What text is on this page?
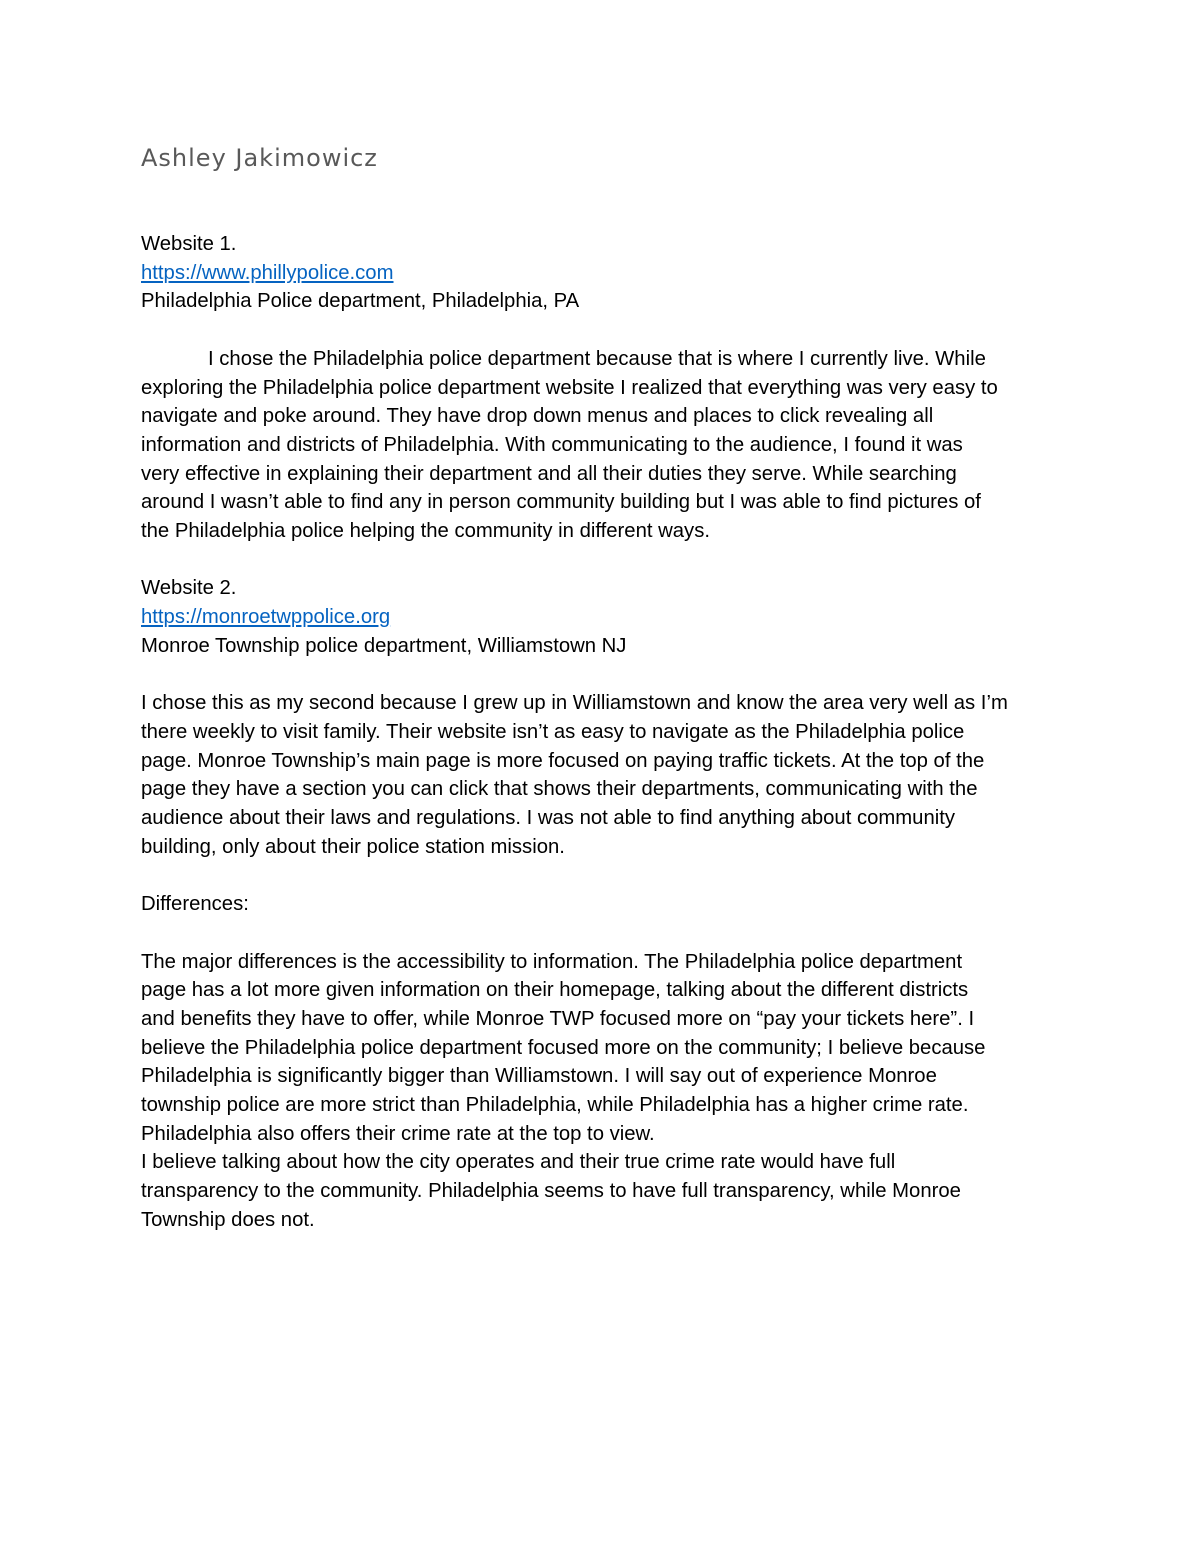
Ashley Jakimowicz

Website 1.

https://www.phillypolice.com

Philadelphia Police department, Philadelphia, PA

I chose the Philadelphia police department because that is where I currently live. While
exploring the Philadelphia police department website I realized that everything was very easy to
navigate and poke around. They have drop down menus and places to click revealing all
information and districts of Philadelphia. With communicating to the audience, I found it was
very effective in explaining their department and all their duties they serve. While searching
around I wasn’t able to find any in person community building but I was able to find pictures of
the Philadelphia police helping the community in different ways.

Website 2.

https://monroetwppolice.org

Monroe Township police department, Williamstown NJ

I chose this as my second because I grew up in Williamstown and know the area very well as I’m
there weekly to visit family. Their website isn’t as easy to navigate as the Philadelphia police
page. Monroe Township’s main page is more focused on paying traffic tickets. At the top of the
page they have a section you can click that shows their departments, communicating with the
audience about their laws and regulations. I was not able to find anything about community
building, only about their police station mission.

Differences:

The major differences is the accessibility to information. The Philadelphia police department
page has a lot more given information on their homepage, talking about the different districts
and benefits they have to offer, while Monroe TWP focused more on “pay your tickets here”. I
believe the Philadelphia police department focused more on the community; I believe because
Philadelphia is significantly bigger than Williamstown. I will say out of experience Monroe
township police are more strict than Philadelphia, while Philadelphia has a higher crime rate.
Philadelphia also offers their crime rate at the top to view.
I believe talking about how the city operates and their true crime rate would have full
transparency to the community. Philadelphia seems to have full transparency, while Monroe
Township does not.
